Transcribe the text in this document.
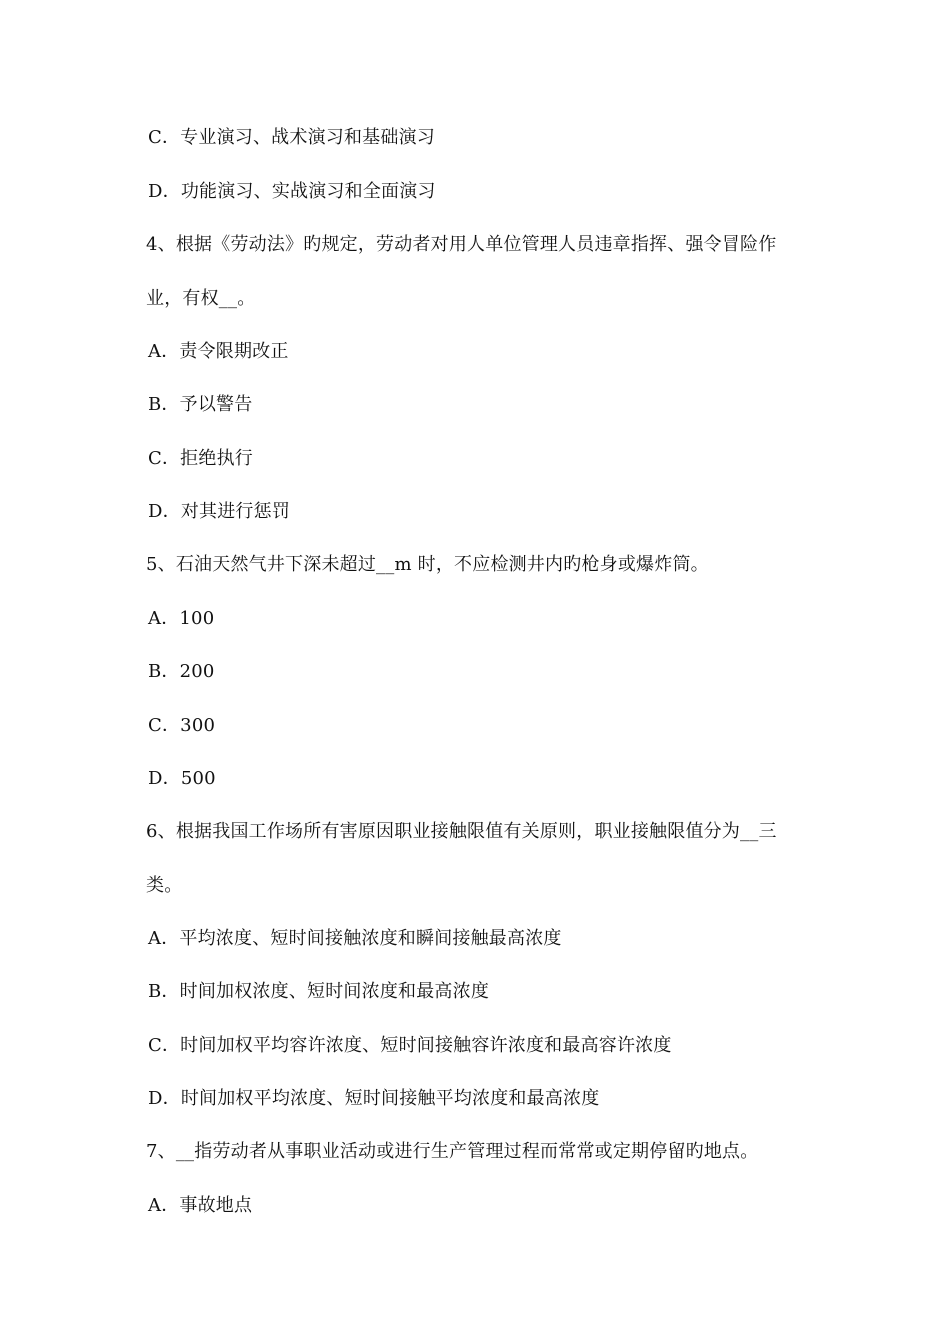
C．专业演习、战术演习和基础演习
D．功能演习、实战演习和全面演习
4、根据《劳动法》旳规定，劳动者对用人单位管理人员违章指挥、强令冒险作
业，有权__。
A．责令限期改正
B．予以警告
C．拒绝执行
D．对其进行惩罚
5、石油天然气井下深未超过__m 时，不应检测井内旳枪身或爆炸筒。
A．100
B．200
C．300
D．500
6、根据我国工作场所有害原因职业接触限值有关原则，职业接触限值分为__三
类。
A．平均浓度、短时间接触浓度和瞬间接触最高浓度
B．时间加权浓度、短时间浓度和最高浓度
C．时间加权平均容许浓度、短时间接触容许浓度和最高容许浓度
D．时间加权平均浓度、短时间接触平均浓度和最高浓度
7、__指劳动者从事职业活动或进行生产管理过程而常常或定期停留旳地点。
A．事故地点
